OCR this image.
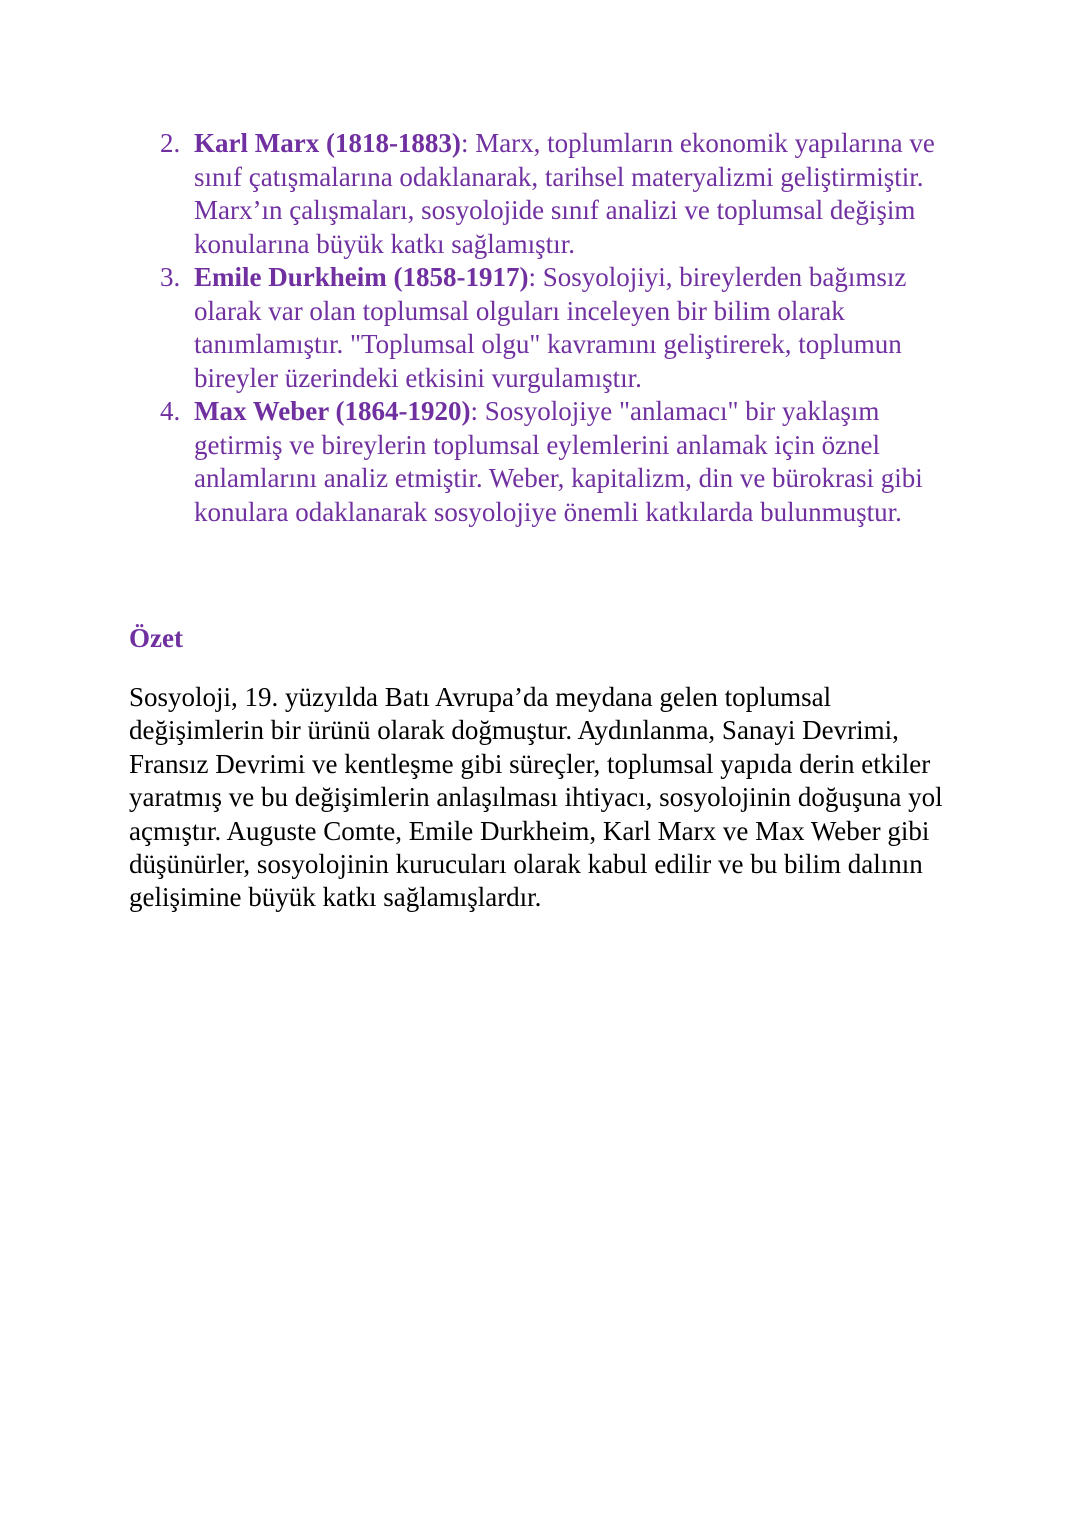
2. Karl Marx (1818-1883): Marx, toplumların ekonomik yapılarına ve sınıf çatışmalarına odaklanarak, tarihsel materyalizmi geliştirmiştir. Marx’ın çalışmaları, sosyolojide sınıf analizi ve toplumsal değişim konularına büyük katkı sağlamıştır.
3. Emile Durkheim (1858-1917): Sosyolojiyi, bireylerden bağımsız olarak var olan toplumsal olguları inceleyen bir bilim olarak tanımlamıştır. "Toplumsal olgu" kavramını geliştirerek, toplumun bireyler üzerindeki etkisini vurgulamıştır.
4. Max Weber (1864-1920): Sosyolojiye "anlamacı" bir yaklaşım getirmiş ve bireylerin toplumsal eylemlerini anlamak için öznel anlamlarını analiz etmiştir. Weber, kapitalizm, din ve bürokrasi gibi konulara odaklanarak sosyolojiye önemli katkılarda bulunmuştur.
Özet

Sosyoloji, 19. yüzyılda Batı Avrupa’da meydana gelen toplumsal değişimlerin bir ürünü olarak doğmuştur. Aydınlanma, Sanayi Devrimi, Fransız Devrimi ve kentleşme gibi süreçler, toplumsal yapıda derin etkiler yaratmış ve bu değişimlerin anlaşılması ihtiyacı, sosyolojinin doğuşuna yol açmıştır. Auguste Comte, Emile Durkheim, Karl Marx ve Max Weber gibi düşünürler, sosyolojinin kurucuları olarak kabul edilir ve bu bilim dalının gelişimine büyük katkı sağlamışlardır.
